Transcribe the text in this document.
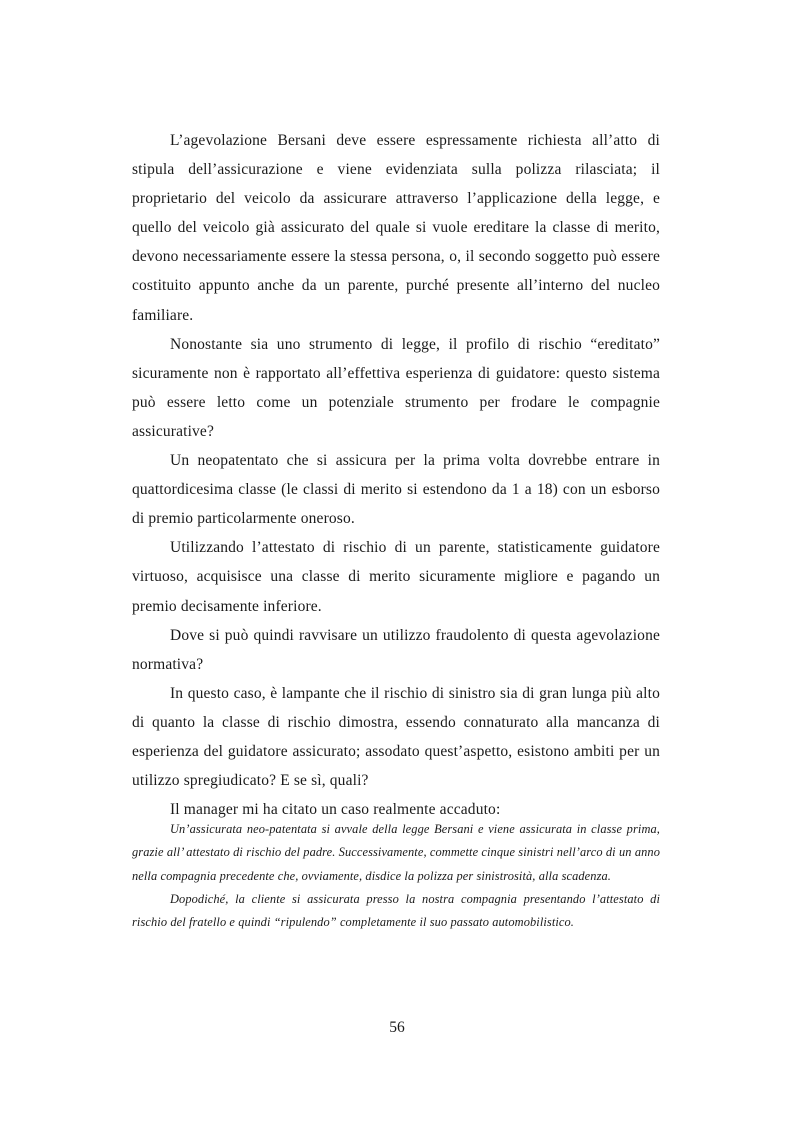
L’agevolazione Bersani deve essere espressamente richiesta all’atto di stipula dell’assicurazione e viene evidenziata sulla polizza rilasciata; il proprietario del veicolo da assicurare attraverso l’applicazione della legge, e quello del veicolo già assicurato del quale si vuole ereditare la classe di merito, devono necessariamente essere la stessa persona, o, il secondo soggetto può essere costituito appunto anche da un parente, purché presente all’interno del nucleo familiare.

Nonostante sia uno strumento di legge, il profilo di rischio “ereditato” sicuramente non è rapportato all’effettiva esperienza di guidatore: questo sistema può essere letto come un potenziale strumento per frodare le compagnie assicurative?

Un neopatentato che si assicura per la prima volta dovrebbe entrare in quattordicesima classe (le classi di merito si estendono da 1 a 18) con un esborso di premio particolarmente oneroso.

Utilizzando l’attestato di rischio di un parente, statisticamente guidatore virtuoso, acquisisce una classe di merito sicuramente migliore e pagando un premio decisamente inferiore.

Dove si può quindi ravvisare un utilizzo fraudolento di questa agevolazione normativa?

In questo caso, è lampante che il rischio di sinistro sia di gran lunga più alto di quanto la classe di rischio dimostra, essendo connaturato alla mancanza di esperienza del guidatore assicurato; assodato quest’aspetto, esistono ambiti per un utilizzo spregiudicato? E se sì, quali?

Il manager mi ha citato un caso realmente accaduto:

Un’assicurata neo-patentata si avvale della legge Bersani e viene assicurata in classe prima, grazie all’ attestato di rischio del padre. Successivamente, commette cinque sinistri nell’arco di un anno nella compagnia precedente che, ovviamente, disdice la polizza per sinistrosità, alla scadenza.

Dopodiché, la cliente si assicurata presso la nostra compagnia presentando l’attestato di rischio del fratello e quindi “ripulendo” completamente il suo passato automobilistico.

56
